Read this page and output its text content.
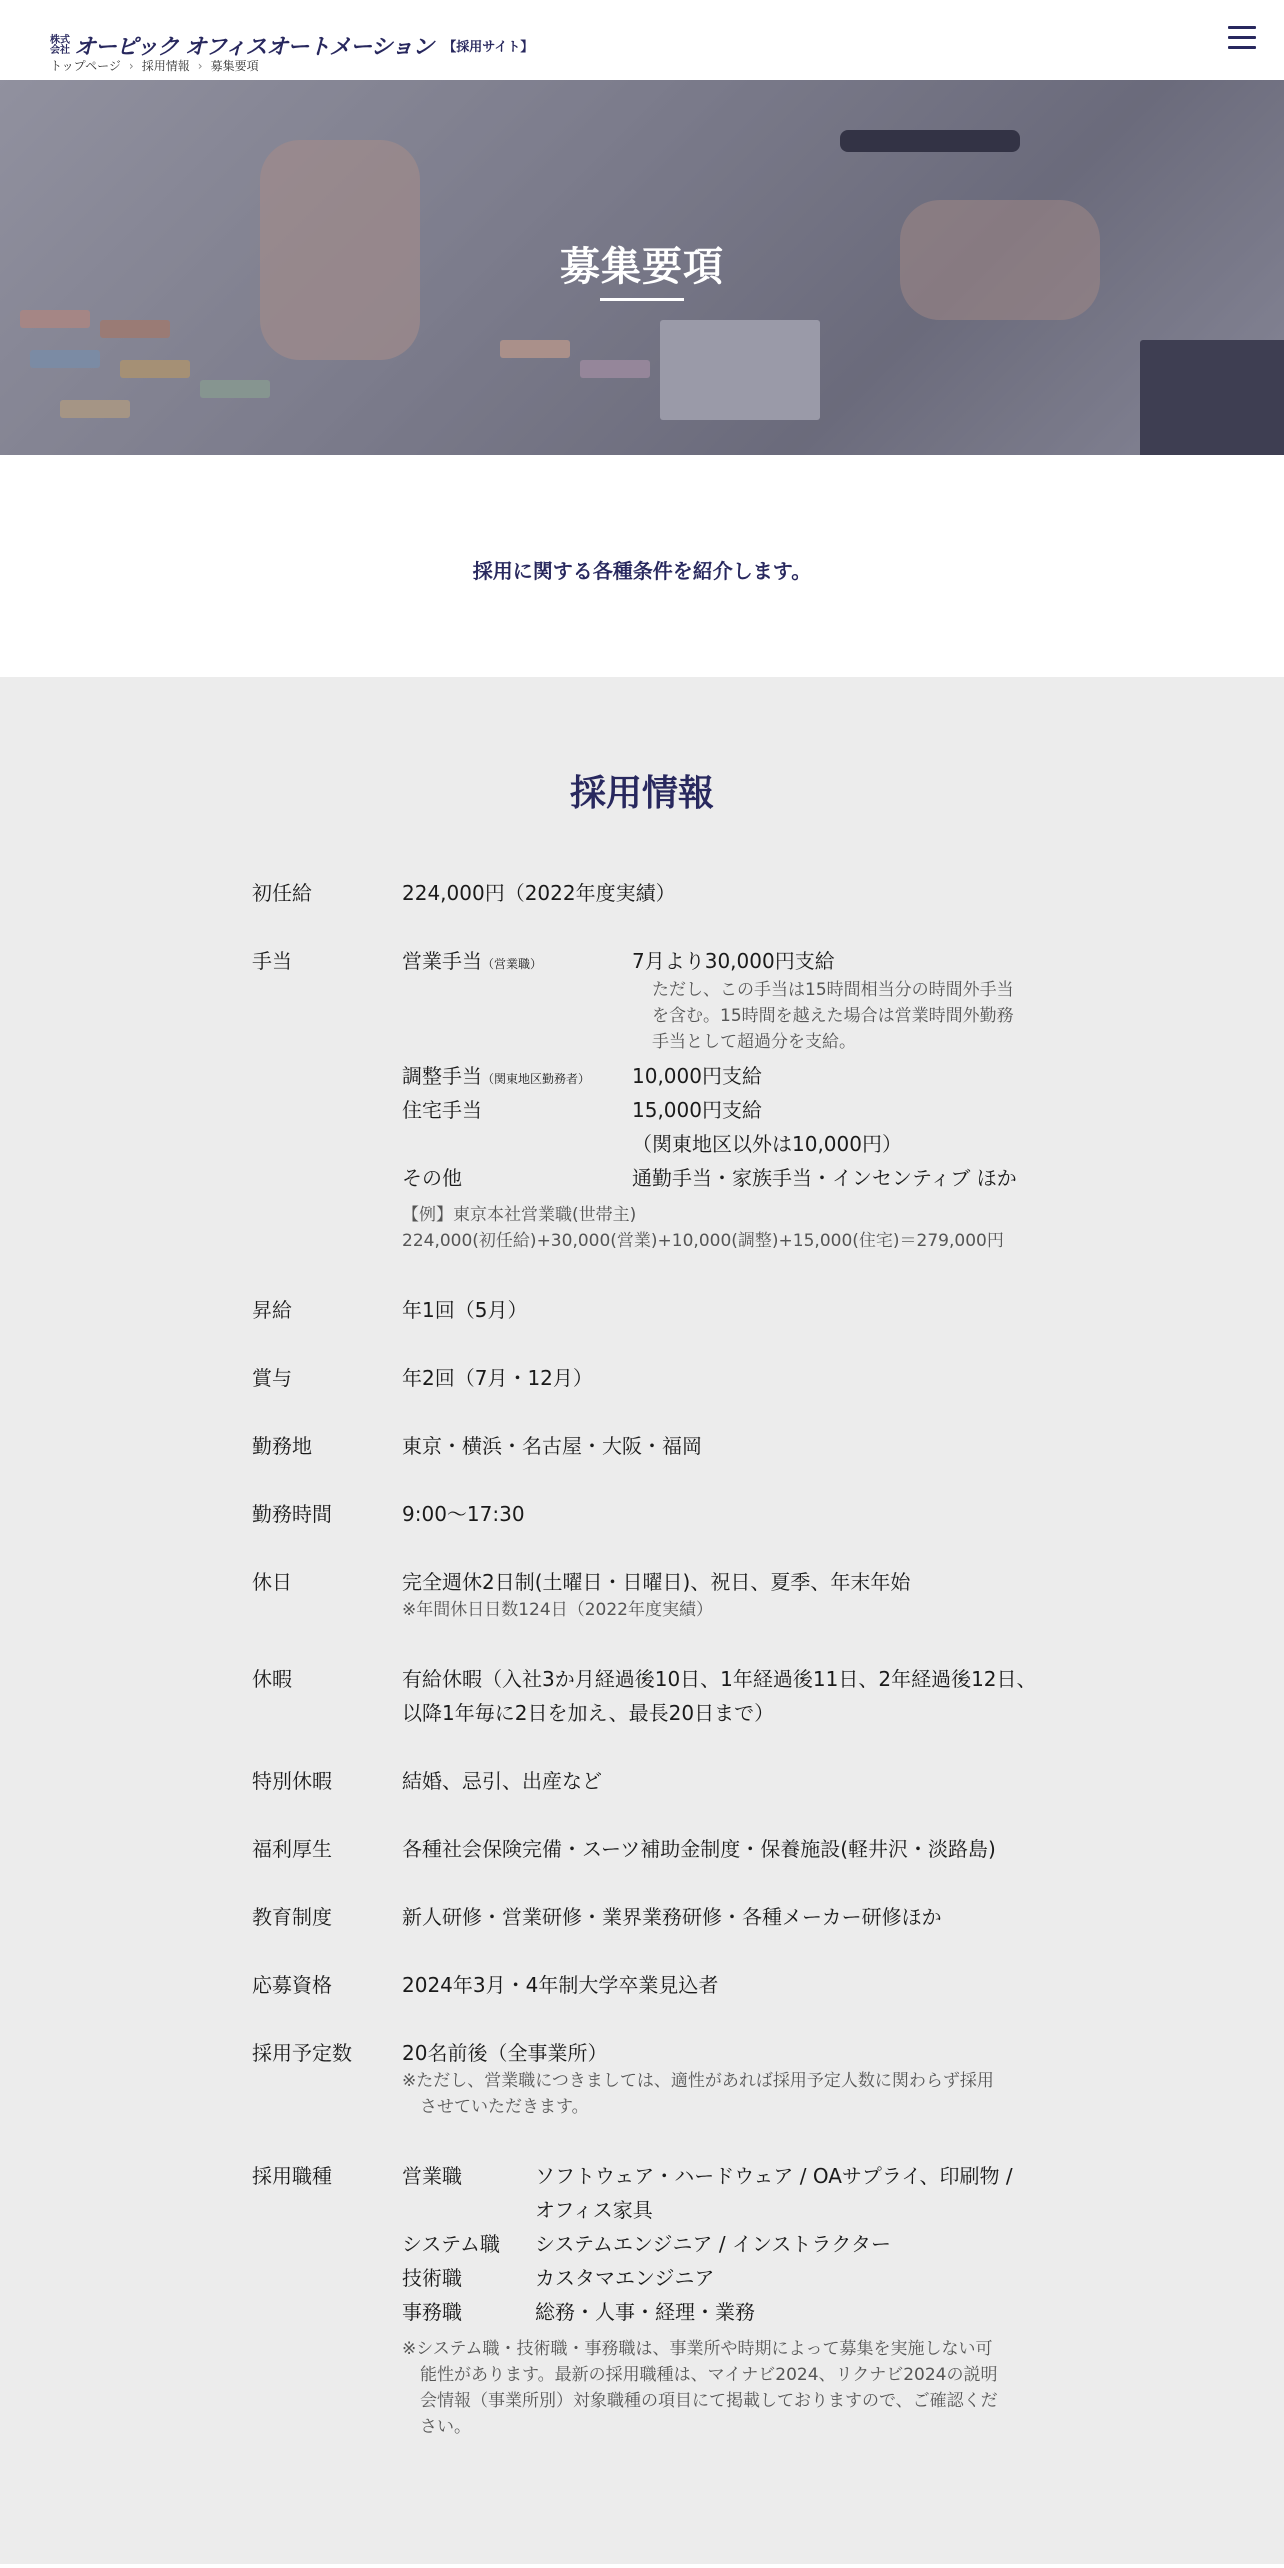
株式会社 オーピック オフィスオートメーション 【採用サイト】
トップページ › 採用情報 › 募集要項
募集要項
採用に関する各種条件を紹介します。
採用情報
初任給	224,000円（2022年度実績）
手当	営業手当（営業職）	7月より30,000円支給
ただし、この手当は15時間相当分の時間外手当
を含む。15時間を越えた場合は営業時間外勤務
手当として超過分を支給。
調整手当（関東地区勤務者） 10,000円支給
住宅手当	15,000円支給
（関東地区以外は10,000円）
その他	通勤手当・家族手当・インセンティブ ほか
【例】東京本社営業職(世帯主)
224,000(初任給)+30,000(営業)+10,000(調整)+15,000(住宅)＝279,000円
昇給	年1回（5月）
賞与	年2回（7月・12月）
勤務地	東京・横浜・名古屋・大阪・福岡
勤務時間	9:00〜17:30
休日	完全週休2日制(土曜日・日曜日)、祝日、夏季、年末年始
※年間休日日数124日（2022年度実績）
休暇	有給休暇（入社3か月経過後10日、1年経過後11日、2年経過後12日、
以降1年毎に2日を加え、最長20日まで）
特別休暇	結婚、忌引、出産など
福利厚生	各種社会保険完備・スーツ補助金制度・保養施設(軽井沢・淡路島)
教育制度	新人研修・営業研修・業界業務研修・各種メーカー研修ほか
応募資格	2024年3月・4年制大学卒業見込者
採用予定数	20名前後（全事業所）
※ただし、営業職につきましては、適性があれば採用予定人数に関わらず採用
させていただきます。
採用職種	営業職	ソフトウェア・ハードウェア / OAサプライ、印刷物 /
オフィス家具
システム職 システムエンジニア / インストラクター
技術職	カスタマエンジニア
事務職	総務・人事・経理・業務
※システム職・技術職・事務職は、事業所や時期によって募集を実施しない可
能性があります。最新の採用職種は、マイナビ2024、リクナビ2024の説明
会情報（事業所別）対象職種の項目にて掲載しておりますので、ご確認くだ
さい。
